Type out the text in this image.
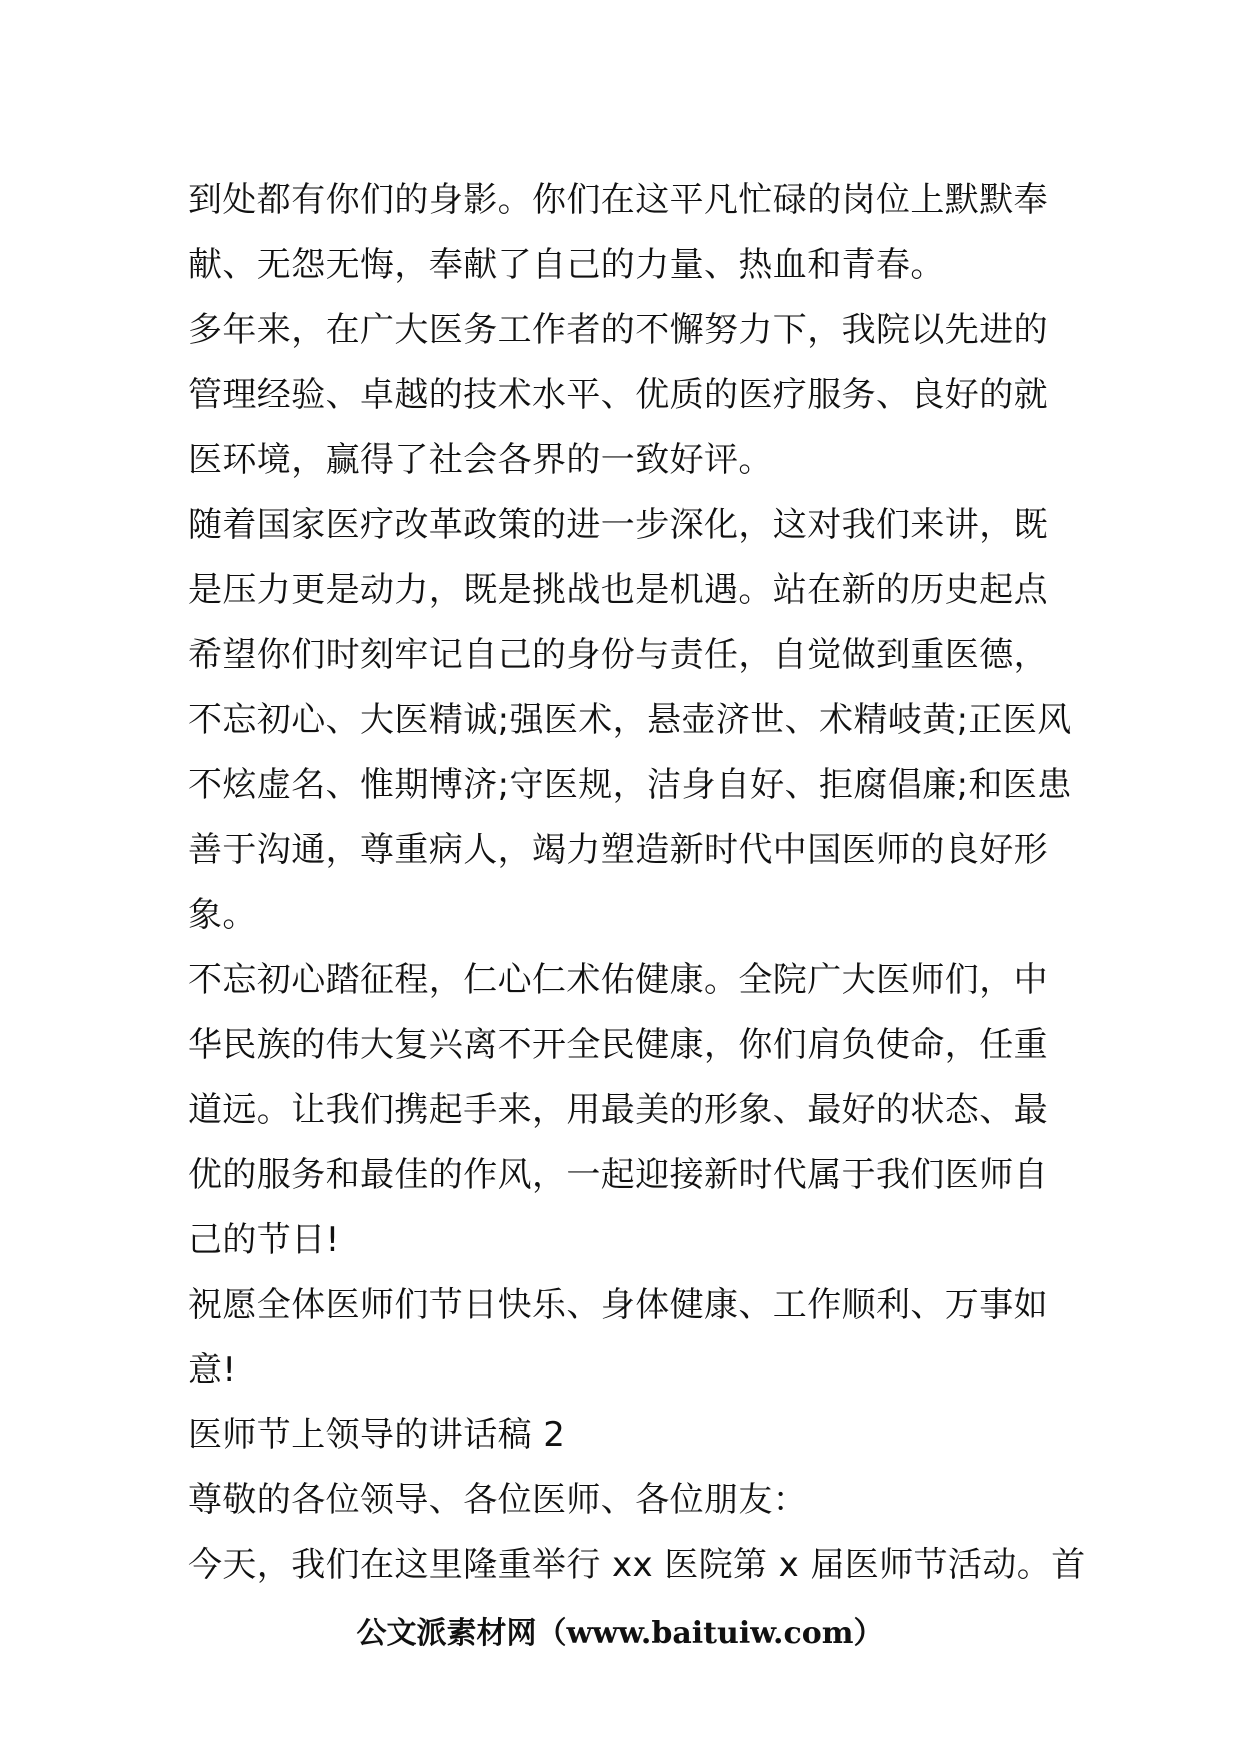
到处都有你们的身影。你们在这平凡忙碌的岗位上默默奉
献、无怨无悔，奉献了自己的力量、热血和青春。
多年来，在广大医务工作者的不懈努力下，我院以先进的
管理经验、卓越的技术水平、优质的医疗服务、良好的就
医环境，赢得了社会各界的一致好评。
随着国家医疗改革政策的进一步深化，这对我们来讲，既
是压力更是动力，既是挑战也是机遇。站在新的历史起点
希望你们时刻牢记自己的身份与责任，自觉做到重医德，
不忘初心、大医精诚;强医术，悬壶济世、术精岐黄;正医风
不炫虚名、惟期博济;守医规，洁身自好、拒腐倡廉;和医患
善于沟通，尊重病人，竭力塑造新时代中国医师的良好形
象。
不忘初心踏征程，仁心仁术佑健康。全院广大医师们，中
华民族的伟大复兴离不开全民健康，你们肩负使命，任重
道远。让我们携起手来，用最美的形象、最好的状态、最
优的服务和最佳的作风，一起迎接新时代属于我们医师自
己的节日!
祝愿全体医师们节日快乐、身体健康、工作顺利、万事如
意!
医师节上领导的讲话稿 2
尊敬的各位领导、各位医师、各位朋友：
今天，我们在这里隆重举行 xx 医院第 x 届医师节活动。首
公文派素材网（www.baituiw.com）
